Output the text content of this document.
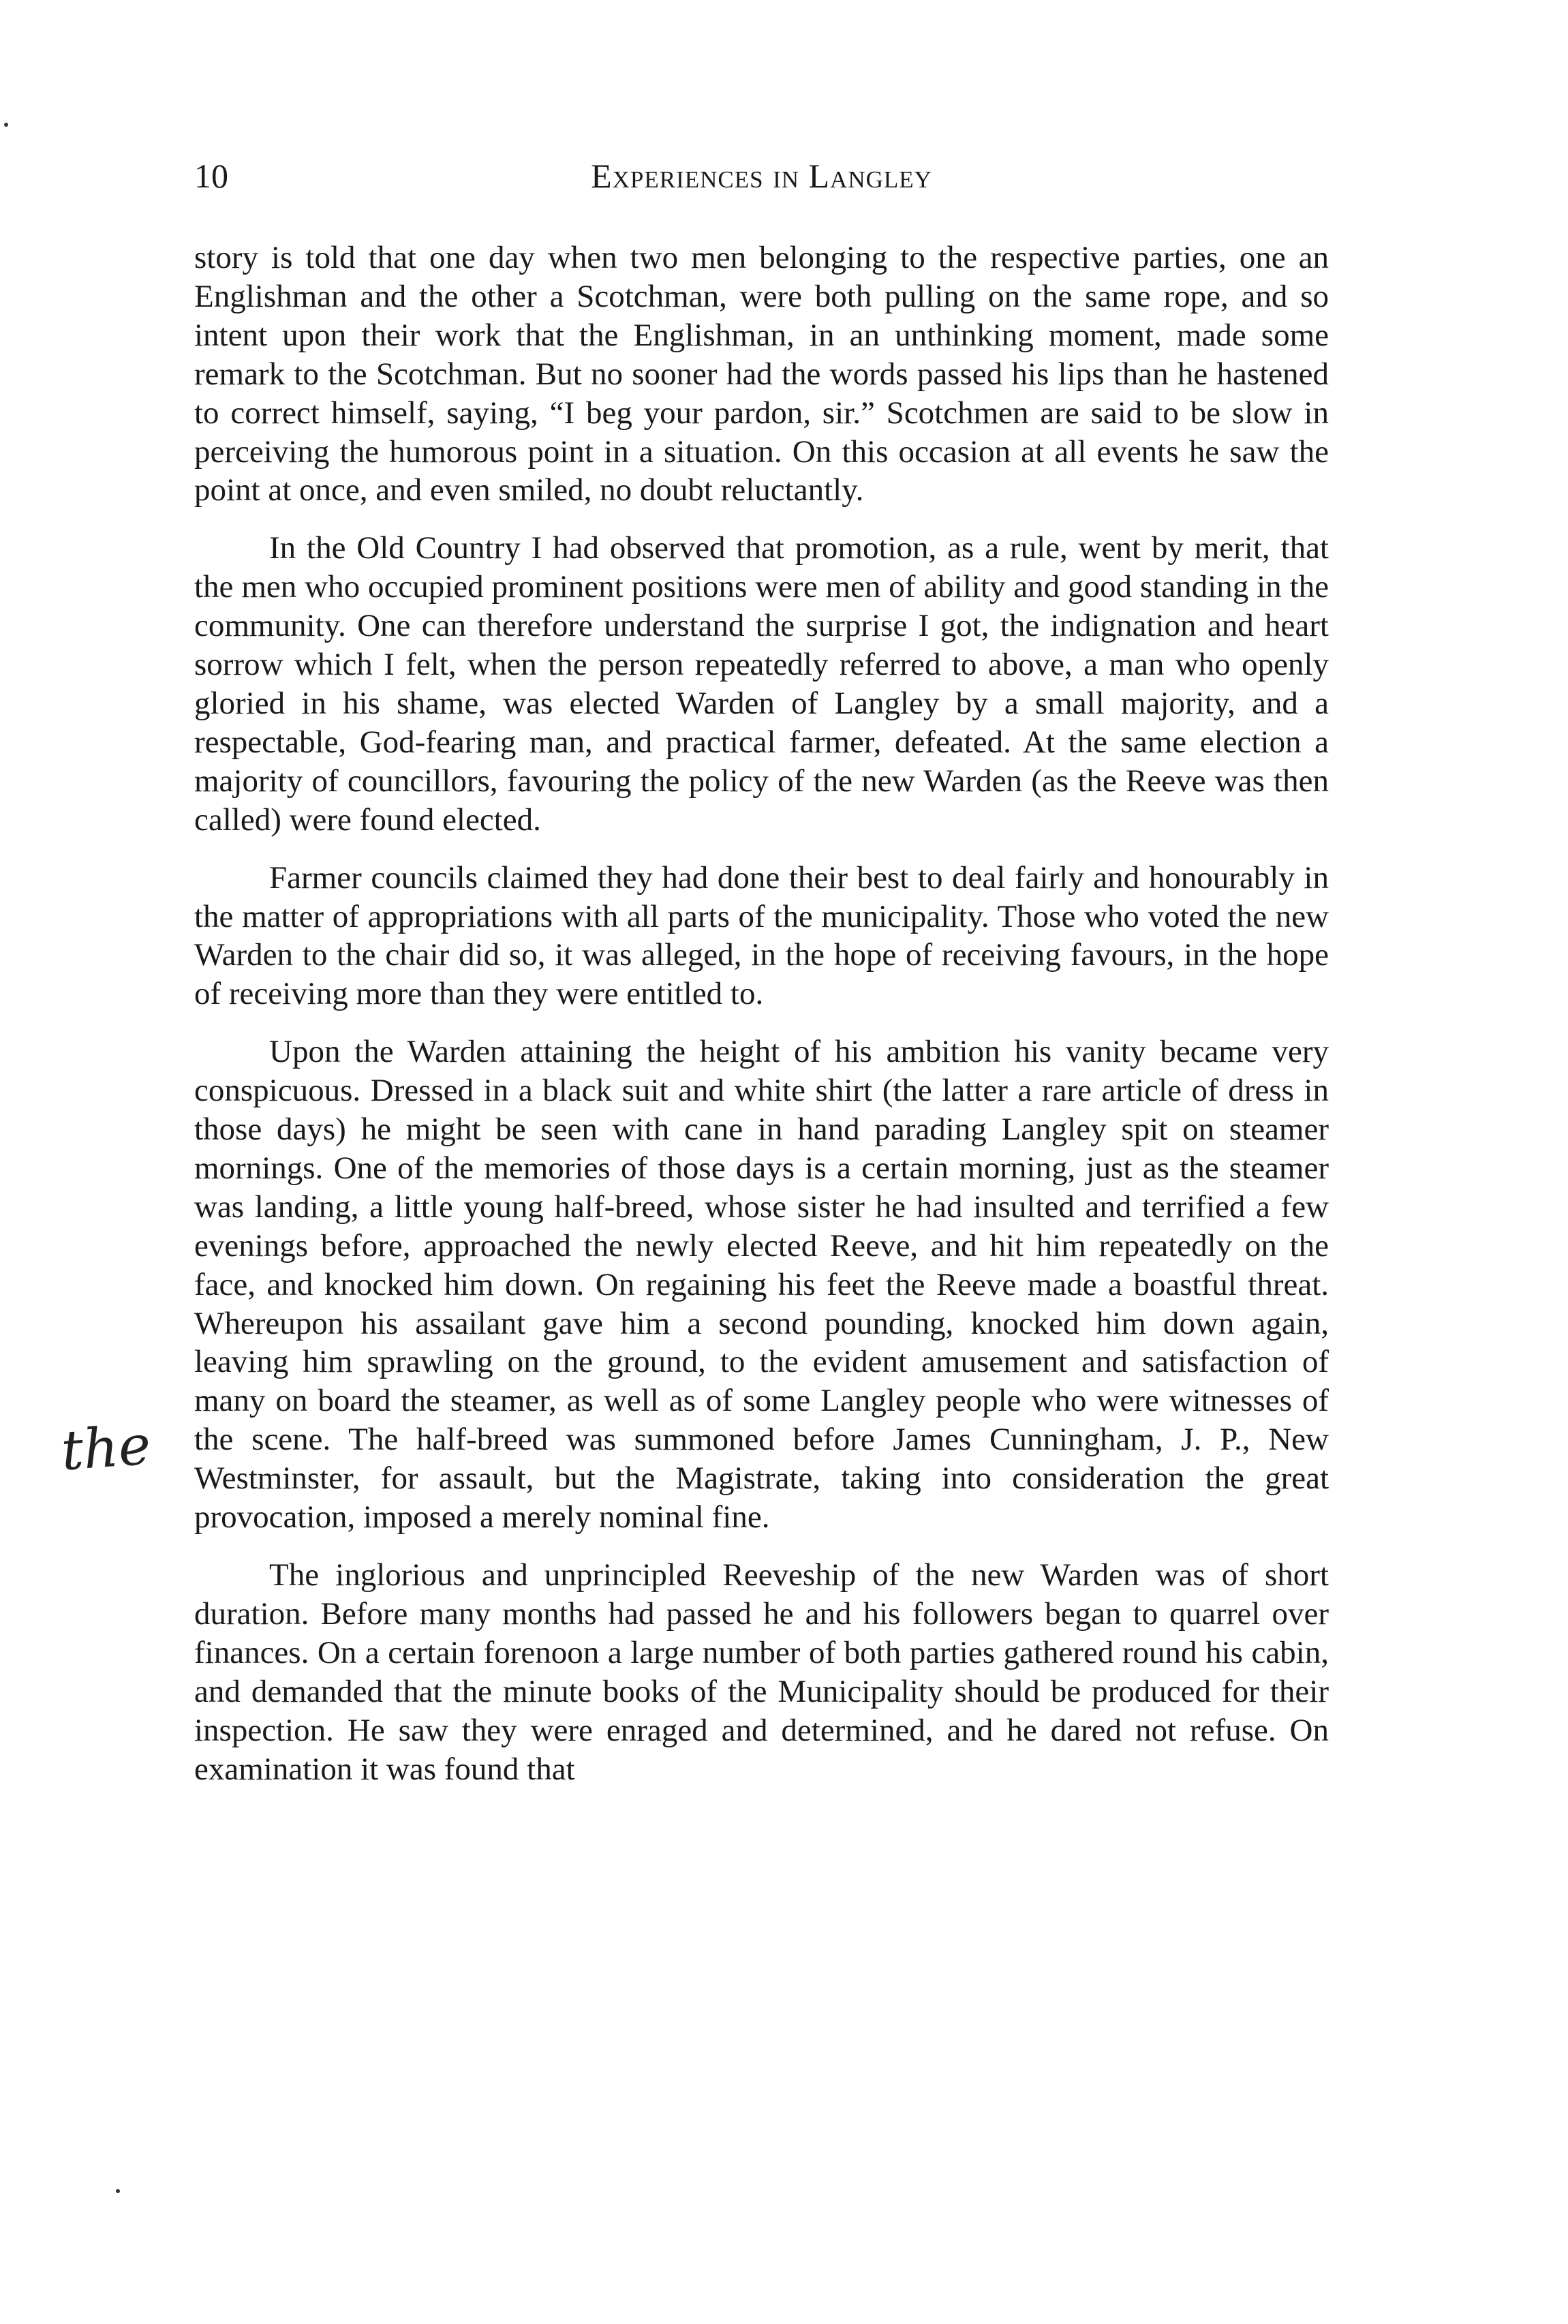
10	Experiences in Langley

story is told that one day when two men belonging to the respective parties, one an Englishman and the other a Scotchman, were both pulling on the same rope, and so intent upon their work that the Englishman, in an unthinking moment, made some remark to the Scotchman. But no sooner had the words passed his lips than he hastened to correct himself, saying, “I beg your pardon, sir.” Scotchmen are said to be slow in perceiving the humorous point in a situation. On this occasion at all events he saw the point at once, and even smiled, no doubt reluctantly.

In the Old Country I had observed that promotion, as a rule, went by merit, that the men who occupied prominent positions were men of ability and good standing in the community. One can therefore understand the surprise I got, the indignation and heart sorrow which I felt, when the person repeatedly referred to above, a man who openly gloried in his shame, was elected Warden of Langley by a small majority, and a respectable, God-fearing man, and practical farmer, defeated. At the same election a majority of councillors, favouring the policy of the new Warden (as the Reeve was then called) were found elected.

Farmer councils claimed they had done their best to deal fairly and honourably in the matter of appropriations with all parts of the municipality. Those who voted the new Warden to the chair did so, it was alleged, in the hope of receiving favours, in the hope of receiving more than they were entitled to.

Upon the Warden attaining the height of his ambition his vanity became very conspicuous. Dressed in a black suit and white shirt (the latter a rare article of dress in those days) he might be seen with cane in hand parading Langley spit on steamer mornings. One of the memories of those days is a certain morning, just as the steamer was landing, a little young half-breed, whose sister he had insulted and terrified a few evenings before, approached the newly elected Reeve, and hit him repeatedly on the face, and knocked him down. On regaining his feet the Reeve made a boastful threat. Whereupon his assailant gave him a second pounding, knocked him down again, leaving him sprawling on the ground, to the evident amusement and satisfaction of many on board the steamer, as well as of some Langley people who were witnesses of the scene. The half-breed was summoned before James Cunningham, J. P., New Westminster, for assault, but the Magistrate, taking into consideration the great provocation, imposed a merely nominal fine.

The inglorious and unprincipled Reeveship of the new Warden was of short duration. Before many months had passed he and his followers began to quarrel over finances. On a certain forenoon a large number of both parties gathered round his cabin, and demanded that the minute books of the Municipality should be produced for their inspection. He saw they were enraged and determined, and he dared not refuse. On examination it was found that

the
